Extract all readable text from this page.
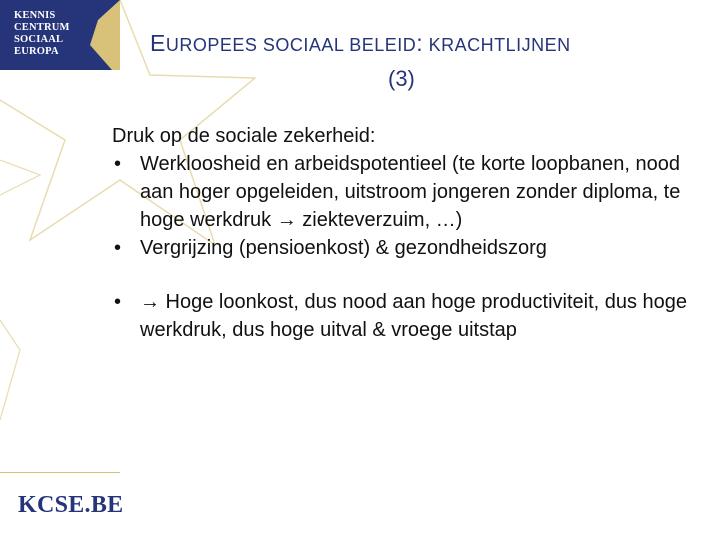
KENNIS
CENTRUM
SOCIAAL
EUROPA	EUROPEES SOCIAAL BELEID: KRACHTLIJNEN
(3)

Druk op de sociale zekerheid:

• Werkloosheid en arbeidspotentieel (te korte loopbanen, nood aan hoger opgeleiden, uitstroom jongeren zonder diploma, te hoge werkdruk → ziekteverzuim, …)
• Vergrijzing (pensioenkost) & gezondheidszorg
• → Hoge loonkost, dus nood aan hoge productiviteit, dus hoge werkdruk, dus hoge uitval & vroege uitstap
KCSE.BE
